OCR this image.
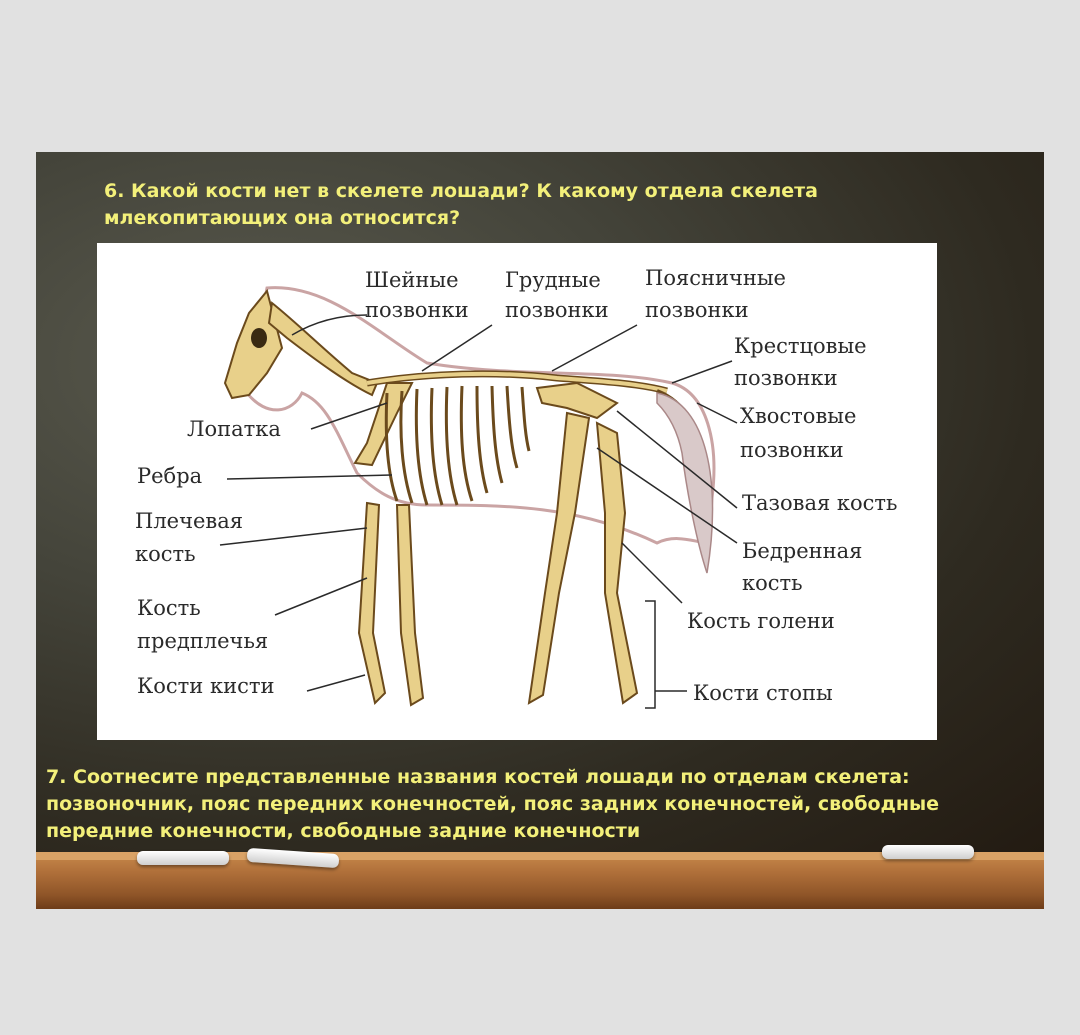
6. Какой кости нет в скелете лошади? К какому отдела скелета млекопитающих она относится?

Шейные
позвонки
Грудные
позвонки
Поясничные
позвонки
Крестцовые
позвонки
Хвостовые
позвонки
Лопатка
Ребра
Плечевая
кость
Кость
предплечья
Кости кисти
Тазовая кость
Бедренная
кость
Кость голени
Кости стопы

7. Соотнесите представленные названия костей лошади по отделам скелета: позвоночник, пояс передних конечностей, пояс задних конечностей, свободные передние конечности, свободные задние конечности
